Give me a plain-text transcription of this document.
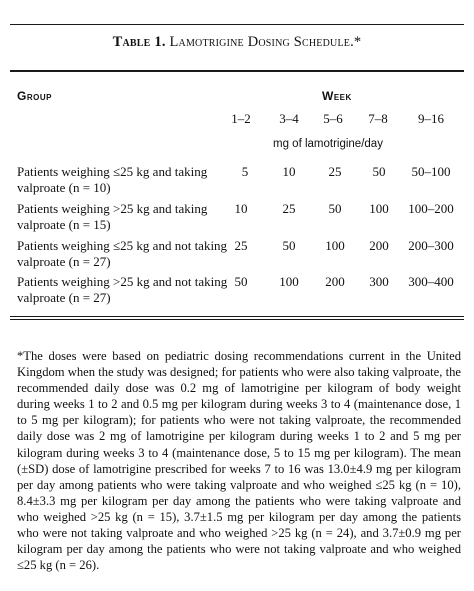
Table 1. Lamotrigine Dosing Schedule.*
Group	Week
1–2 3–4 5–6 7–8 9–16
mg of lamotrigine/day
Patients weighing ≤25 kg and taking valproate (n = 10)
5	10	25 50 50–100
Patients weighing >25 kg and taking valproate (n = 15)
10	25	50 100 100–200
Patients weighing ≤25 kg and not taking valproate (n = 27)
25	50 100 200 200–300
Patients weighing >25 kg and not taking valproate (n = 27)
50 100 200 300 300–400

*The doses were based on pediatric dosing recommendations current in the United Kingdom when the study was designed; for patients who were also taking valproate, the recommended daily dose was 0.2 mg of lamotrigine per kilogram of body weight during weeks 1 to 2 and 0.5 mg per kilogram during weeks 3 to 4 (maintenance dose, 1 to 5 mg per kilogram); for patients who were not taking valproate, the recommended daily dose was 2 mg of lamotrigine per kilogram during weeks 1 to 2 and 5 mg per kilogram during weeks 3 to 4 (maintenance dose, 5 to 15 mg per kilogram). The mean (±SD) dose of lamotrigine prescribed for weeks 7 to 16 was 13.0±4.9 mg per kilogram per day among patients who were taking valproate and who weighed ≤25 kg (n = 10), 8.4±3.3 mg per kilogram per day among the patients who were taking valproate and who weighed >25 kg (n = 15), 3.7±1.5 mg per kilogram per day among the patients who were not taking valproate and who weighed >25 kg (n = 24), and 3.7±0.9 mg per kilogram per day among the patients who were not taking valproate and who weighed ≤25 kg (n = 26).
